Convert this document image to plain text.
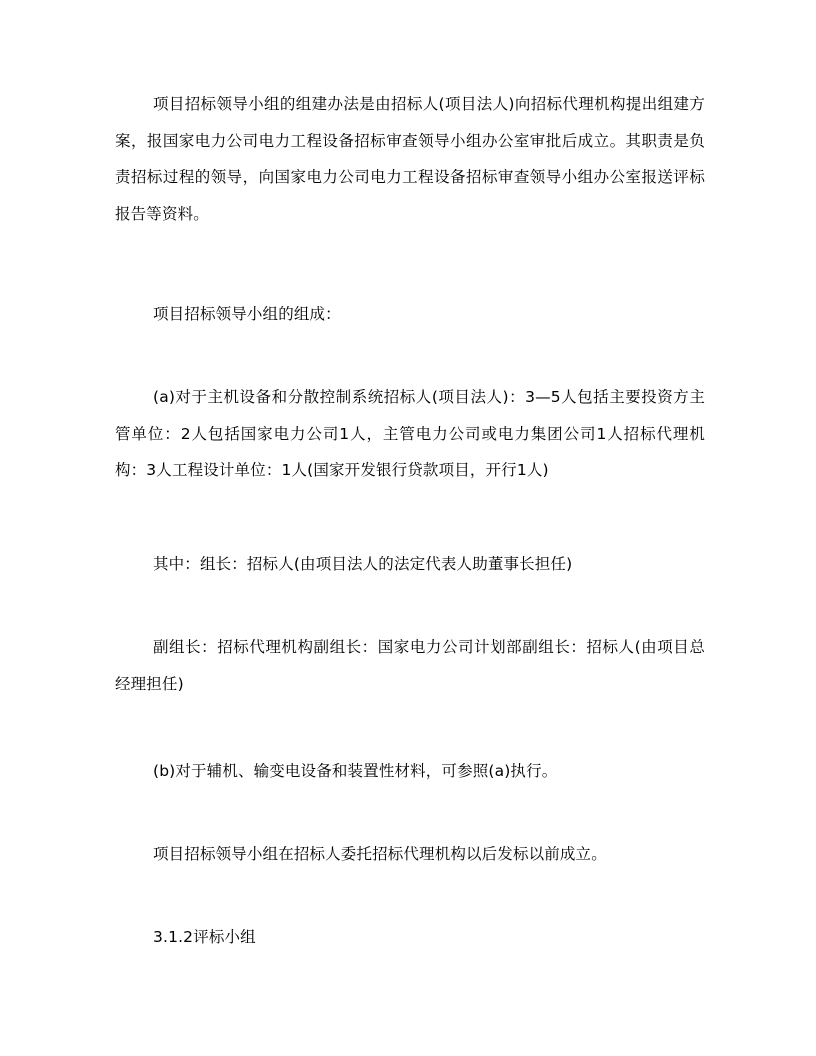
项目招标领导小组的组建办法是由招标人(项目法人)向招标代理机构提出组建方案，报国家电力公司电力工程设备招标审查领导小组办公室审批后成立。其职责是负责招标过程的领导，向国家电力公司电力工程设备招标审查领导小组办公室报送评标报告等资料。

项目招标领导小组的组成：

(a)对于主机设备和分散控制系统招标人(项目法人)：3—5人包括主要投资方主管单位：2人包括国家电力公司1人，主管电力公司或电力集团公司1人招标代理机构：3人工程设计单位：1人(国家开发银行贷款项目，开行1人)

其中：组长：招标人(由项目法人的法定代表人助董事长担任)

副组长：招标代理机构副组长：国家电力公司计划部副组长：招标人(由项目总经理担任)

(b)对于辅机、输变电设备和装置性材料，可参照(a)执行。

项目招标领导小组在招标人委托招标代理机构以后发标以前成立。

3.1.2评标小组
